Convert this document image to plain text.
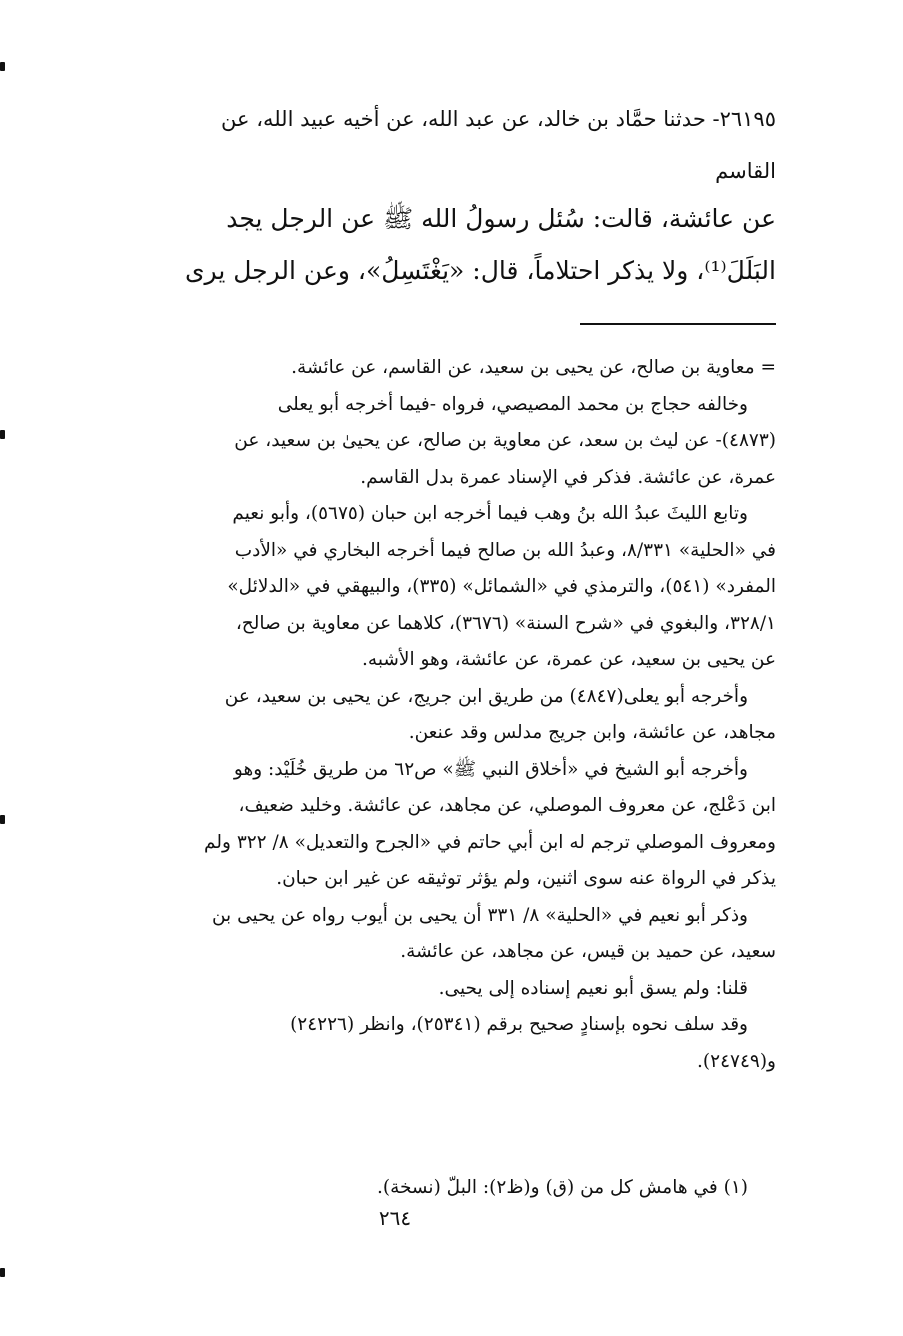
٢٦١٩٥- حدثنا حمَّاد بن خالد، عن عبد الله، عن أخيه عبيد الله، عن
القاسم
عن عائشة، قالت: سُئل رسولُ الله ﷺ عن الرجل يجد
البَلَلَ⁽¹⁾، ولا يذكر احتلاماً، قال: «يَغْتَسِلُ»، وعن الرجل يرى
= معاوية بن صالح، عن يحيى بن سعيد، عن القاسم، عن عائشة.
وخالفه حجاج بن محمد المصيصي، فرواه -فيما أخرجه أبو يعلى
(٤٨٧٣)- عن ليث بن سعد، عن معاوية بن صالح، عن يحيىٰ بن سعيد، عن
عمرة، عن عائشة. فذكر في الإسناد عمرة بدل القاسم.
وتابع الليثَ عبدُ الله بنُ وهب فيما أخرجه ابن حبان (٥٦٧٥)، وأبو نعيم
في «الحلية» ٨/٣٣١، وعبدُ الله بن صالح فيما أخرجه البخاري في «الأدب
المفرد» (٥٤١)، والترمذي في «الشمائل» (٣٣٥)، والبيهقي في «الدلائل»
٣٢٨/١، والبغوي في «شرح السنة» (٣٦٧٦)، كلاهما عن معاوية بن صالح،
عن يحيى بن سعيد، عن عمرة، عن عائشة، وهو الأشبه.
وأخرجه أبو يعلى(٤٨٤٧) من طريق ابن جريج، عن يحيى بن سعيد، عن
مجاهد، عن عائشة، وابن جريج مدلس وقد عنعن.
وأخرجه أبو الشيخ في «أخلاق النبي ﷺ» ص٦٢ من طريق خُلَيْد: وهو
ابن دَعْلج، عن معروف الموصلي، عن مجاهد، عن عائشة. وخليد ضعيف،
ومعروف الموصلي ترجم له ابن أبي حاتم في «الجرح والتعديل» ٨/ ٣٢٢ ولم
يذكر في الرواة عنه سوى اثنين، ولم يؤثر توثيقه عن غير ابن حبان.
وذكر أبو نعيم في «الحلية» ٨/ ٣٣١ أن يحيى بن أيوب رواه عن يحيى بن
سعيد، عن حميد بن قيس، عن مجاهد، عن عائشة.
قلنا: ولم يسق أبو نعيم إسناده إلى يحيى.
وقد سلف نحوه بإسنادٍ صحيح برقم (٢٥٣٤١)، وانظر (٢٤٢٢٦)
و(٢٤٧٤٩).
(١) في هامش كل من (ق) و(ظ٢): البلّ (نسخة).
٢٦٤
